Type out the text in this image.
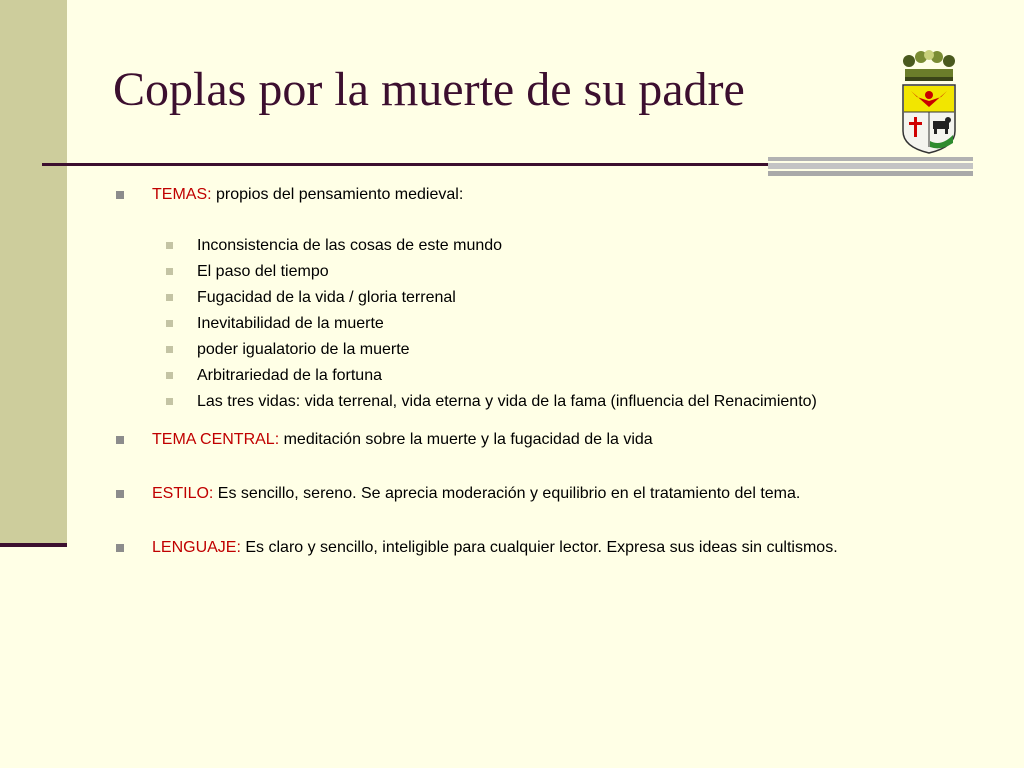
Coplas por la muerte de su padre
TEMAS: propios del pensamiento medieval:
Inconsistencia de las cosas de este mundo
El paso del tiempo
Fugacidad de la vida / gloria terrenal
Inevitabilidad de la muerte
poder igualatorio de la muerte
Arbitrariedad de la fortuna
Las tres vidas: vida terrenal, vida eterna y vida de la fama (influencia del Renacimiento)
TEMA CENTRAL: meditación sobre la muerte y la fugacidad de la vida
ESTILO: Es sencillo, sereno. Se aprecia moderación y equilibrio en el tratamiento del tema.
LENGUAJE: Es claro y sencillo, inteligible para cualquier lector. Expresa sus ideas sin cultismos.
